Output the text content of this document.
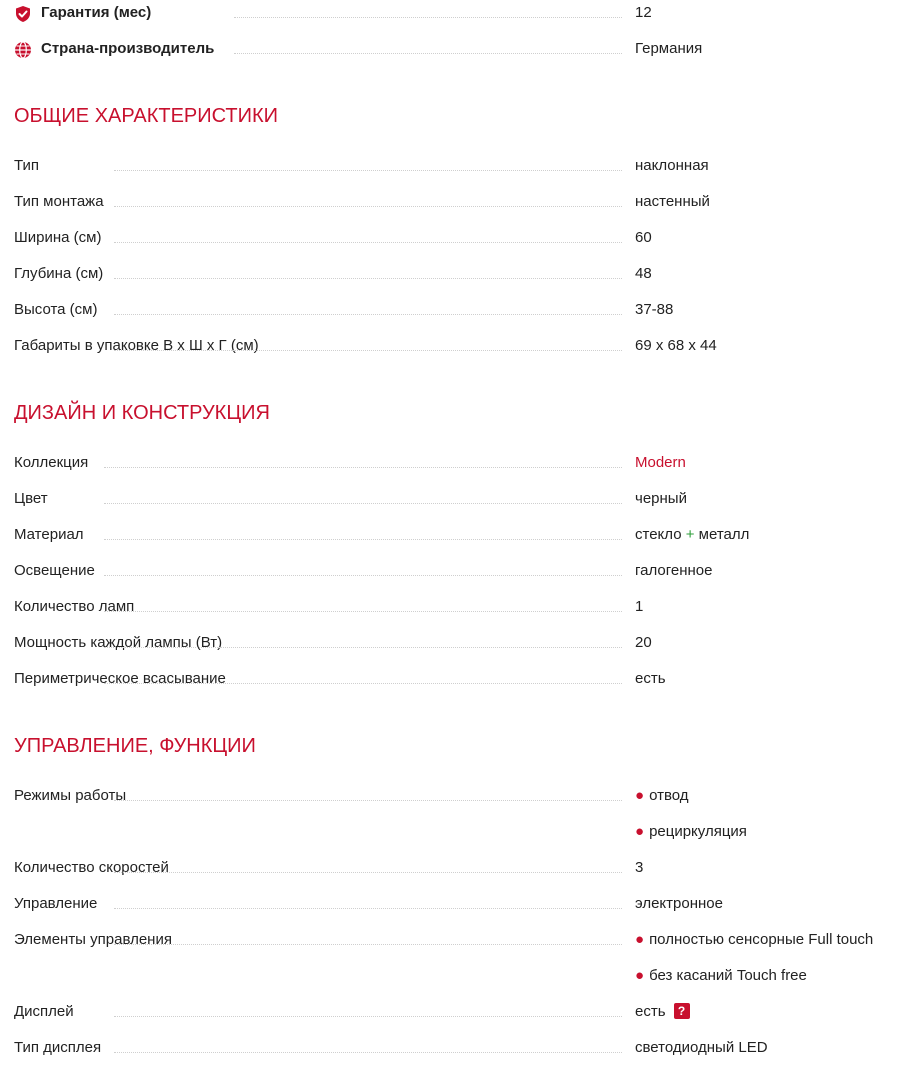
Гарантия (мес)	12
Страна-производитель	Германия
ОБЩИЕ ХАРАКТЕРИСТИКИ
Тип	наклонная
Тип монтажа	настенный
Ширина (см)	60
Глубина (см)	48
Высота (см)	37-88
Габариты в упаковке В х Ш х Г (см)	69 x 68 x 44
ДИЗАЙН И КОНСТРУКЦИЯ
Коллекция	Modern
Цвет	черный
Материал	стекло + металл
Освещение	галогенное
Количество ламп	1
Мощность каждой лампы (Вт)	20
Периметрическое всасывание	есть
УПРАВЛЕНИЕ, ФУНКЦИИ
Режимы работы	● отвод
● рециркуляция
Количество скоростей	3
Управление	электронное
Элементы управления	● полностью сенсорные Full touch
● без касаний Touch free
Дисплей	есть ?
Тип дисплея	светодиодный LED
